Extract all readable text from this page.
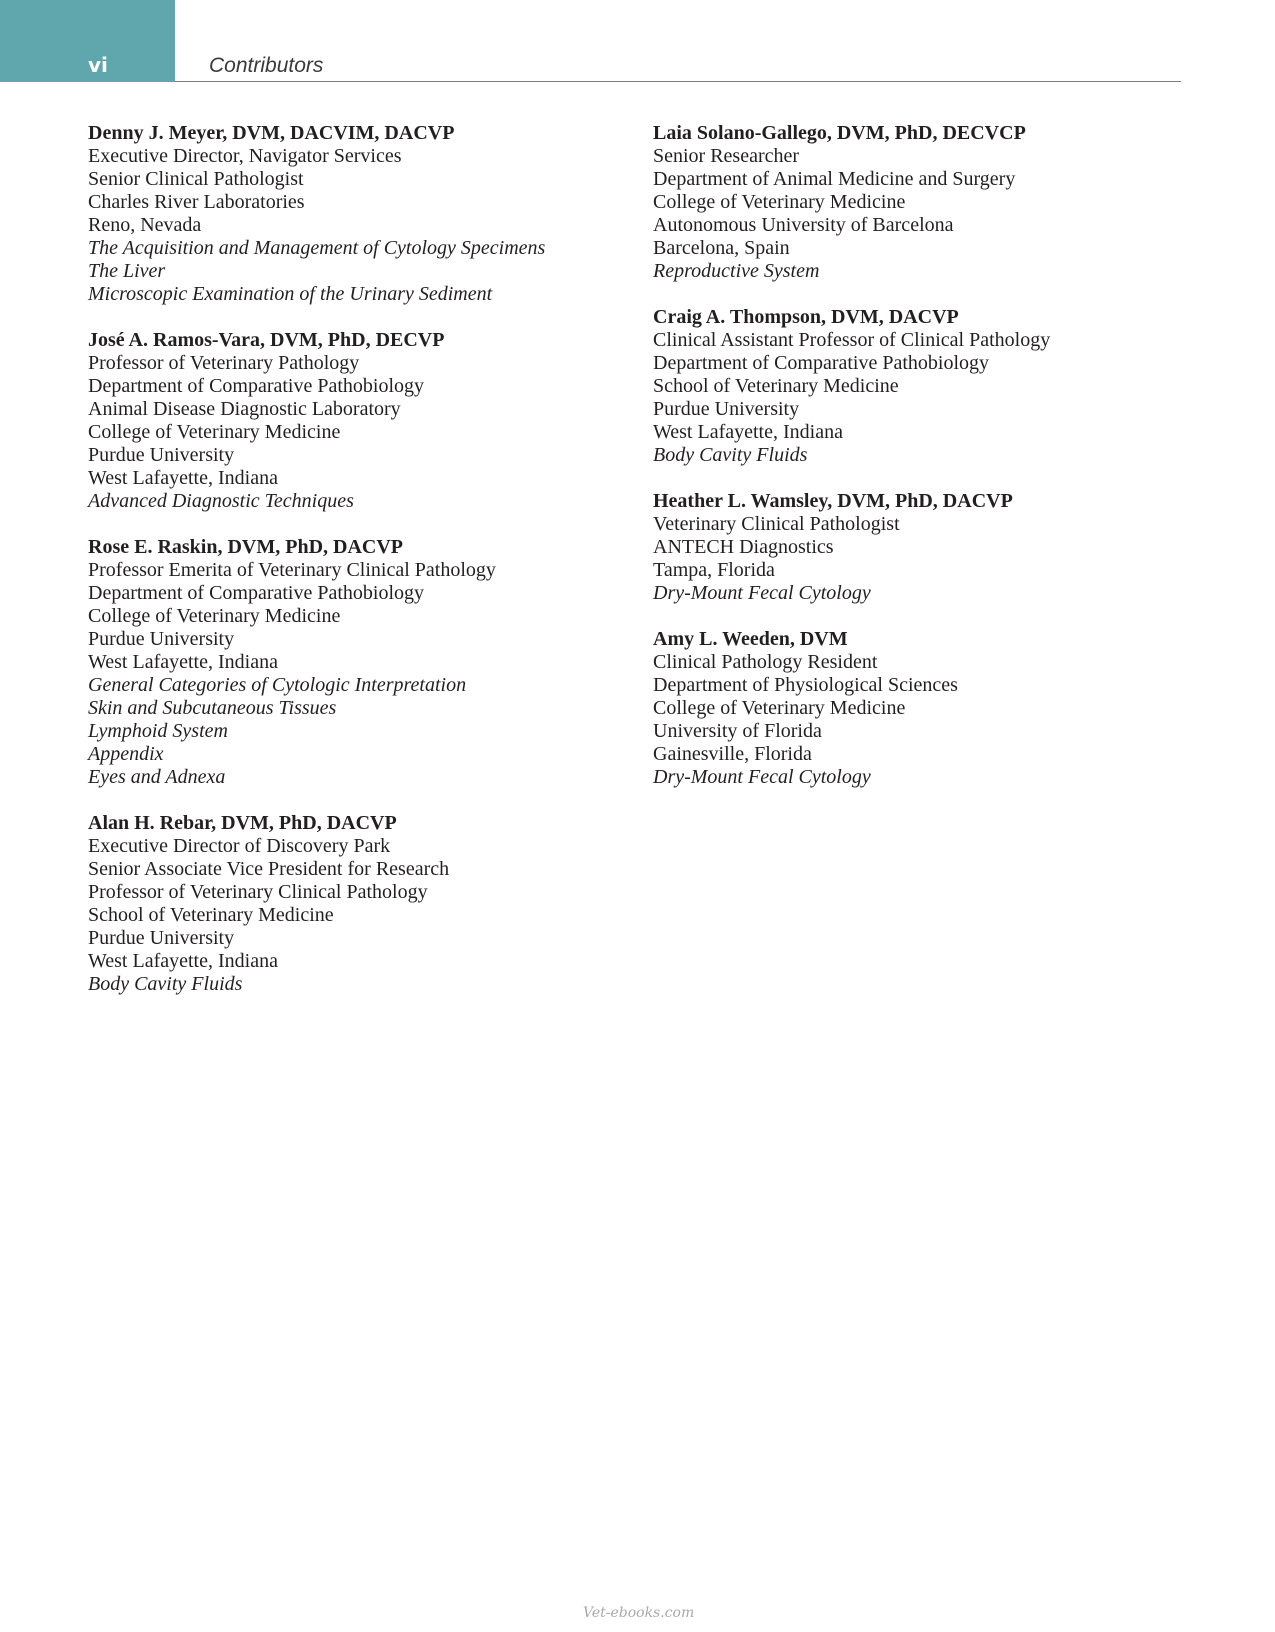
vi	Contributors
Denny J. Meyer, DVM, DACVIM, DACVP
Executive Director, Navigator Services
Senior Clinical Pathologist
Charles River Laboratories
Reno, Nevada
The Acquisition and Management of Cytology Specimens
The Liver
Microscopic Examination of the Urinary Sediment
José A. Ramos-Vara, DVM, PhD, DECVP
Professor of Veterinary Pathology
Department of Comparative Pathobiology
Animal Disease Diagnostic Laboratory
College of Veterinary Medicine
Purdue University
West Lafayette, Indiana
Advanced Diagnostic Techniques
Rose E. Raskin, DVM, PhD, DACVP
Professor Emerita of Veterinary Clinical Pathology
Department of Comparative Pathobiology
College of Veterinary Medicine
Purdue University
West Lafayette, Indiana
General Categories of Cytologic Interpretation
Skin and Subcutaneous Tissues
Lymphoid System
Appendix
Eyes and Adnexa
Alan H. Rebar, DVM, PhD, DACVP
Executive Director of Discovery Park
Senior Associate Vice President for Research
Professor of Veterinary Clinical Pathology
School of Veterinary Medicine
Purdue University
West Lafayette, Indiana
Body Cavity Fluids
Laia Solano-Gallego, DVM, PhD, DECVCP
Senior Researcher
Department of Animal Medicine and Surgery
College of Veterinary Medicine
Autonomous University of Barcelona
Barcelona, Spain
Reproductive System
Craig A. Thompson, DVM, DACVP
Clinical Assistant Professor of Clinical Pathology
Department of Comparative Pathobiology
School of Veterinary Medicine
Purdue University
West Lafayette, Indiana
Body Cavity Fluids
Heather L. Wamsley, DVM, PhD, DACVP
Veterinary Clinical Pathologist
ANTECH Diagnostics
Tampa, Florida
Dry-Mount Fecal Cytology
Amy L. Weeden, DVM
Clinical Pathology Resident
Department of Physiological Sciences
College of Veterinary Medicine
University of Florida
Gainesville, Florida
Dry-Mount Fecal Cytology
Vet-ebooks.com
